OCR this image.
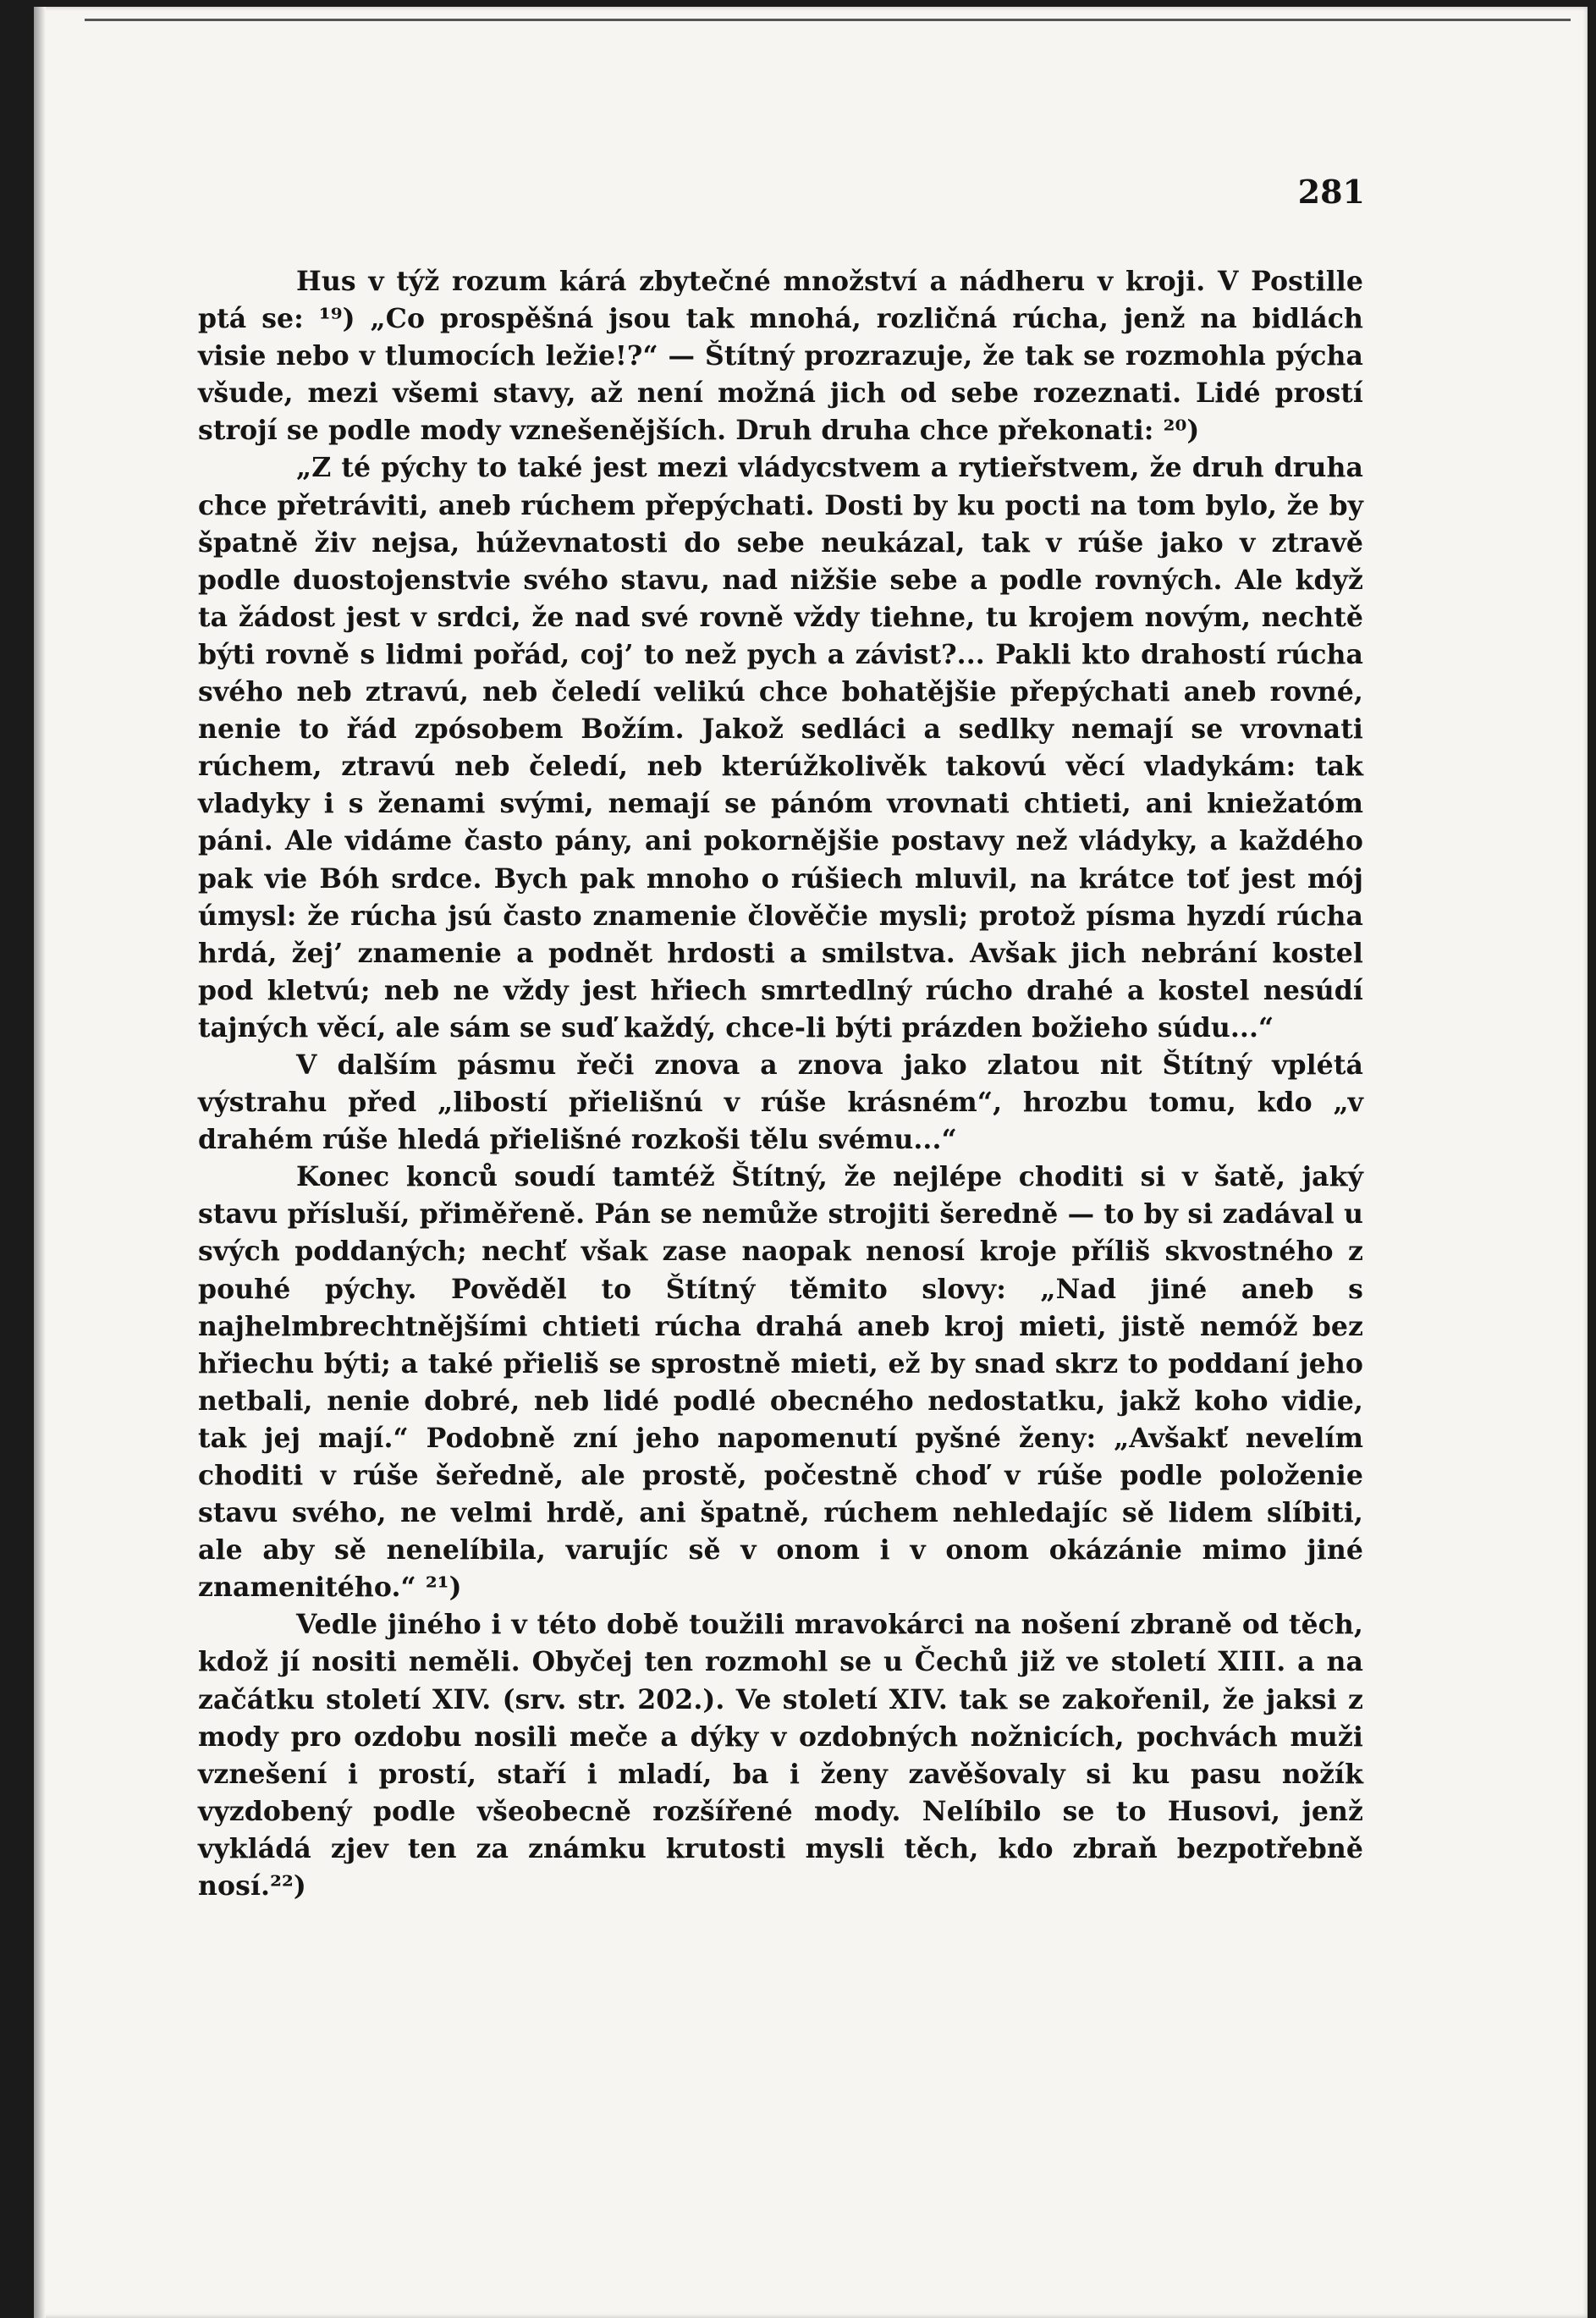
281

Hus v týž rozum kárá zbytečné množství a nádheru v kroji. V Postille ptá se: ¹⁹) „Co prospěšná jsou tak mnohá, rozličná rúcha, jenž na bidlách visie nebo v tlumocích ležie!?“ — Štítný prozrazuje, že tak se rozmohla pýcha všude, mezi všemi stavy, až není možná jich od sebe rozeznati. Lidé prostí strojí se podle mody vznešenějších. Druh druha chce překonati: ²⁰)

„Z té pýchy to také jest mezi vládycstvem a rytieřstvem, že druh druha chce přetráviti, aneb rúchem přepýchati. Dosti by ku pocti na tom bylo, že by špatně živ nejsa, húževnatosti do sebe neukázal, tak v rúše jako v ztravě podle duostojenstvie svého stavu, nad nižšie sebe a podle rovných. Ale když ta žádost jest v srdci, že nad své rovně vždy tiehne, tu krojem novým, nechtě býti rovně s lidmi pořád, coj’ to než pych a závist?... Pakli kto drahostí rúcha svého neb ztravú, neb čeledí velikú chce bohatějšie přepýchati aneb rovné, nenie to řád zpósobem Božím. Jakož sedláci a sedlky nemají se vrovnati rúchem, ztravú neb čeledí, neb kterúžkolivěk takovú věcí vladykám: tak vladyky i s ženami svými, nemají se pánóm vrovnati chtieti, ani kniežatóm páni. Ale vidáme často pány, ani pokornějšie postavy než vládyky, a každého pak vie Bóh srdce. Bych pak mnoho o rúšiech mluvil, na krátce toť jest mój úmysl: že rúcha jsú často znamenie člověčie mysli; protož písma hyzdí rúcha hrdá, žej’ znamenie a podnět hrdosti a smilstva. Avšak jich nebrání kostel pod kletvú; neb ne vždy jest hřiech smrtedlný rúcho drahé a kostel nesúdí tajných věcí, ale sám se suď každý, chce-li býti prázden božieho súdu...“

V dalším pásmu řeči znova a znova jako zlatou nit Štítný vplétá výstrahu před „libostí přielišnú v rúše krásném“, hrozbu tomu, kdo „v drahém rúše hledá přielišné rozkoši tělu svému...“

Konec konců soudí tamtéž Štítný, že nejlépe choditi si v šatě, jaký stavu přísluší, přiměřeně. Pán se nemůže strojiti šeredně — to by si zadával u svých poddaných; nechť však zase naopak nenosí kroje příliš skvostného z pouhé pýchy. Pověděl to Štítný těmito slovy: „Nad jiné aneb s najhelmbrechtnějšími chtieti rúcha drahá aneb kroj mieti, jistě nemóž bez hřiechu býti; a také přieliš se sprostně mieti, ež by snad skrz to poddaní jeho netbali, nenie dobré, neb lidé podlé obecného nedostatku, jakž koho vidie, tak jej mají.“ Podobně zní jeho napomenutí pyšné ženy: „Avšakť nevelím choditi v rúše šeředně, ale prostě, počestně choď v rúše podle položenie stavu svého, ne velmi hrdě, ani špatně, rúchem nehledajíc sě lidem slíbiti, ale aby sě nenelíbila, varujíc sě v onom i v onom okázánie mimo jiné znamenitého.“ ²¹)

Vedle jiného i v této době toužili mravokárci na nošení zbraně od těch, kdož jí nositi neměli. Obyčej ten rozmohl se u Čechů již ve století XIII. a na začátku století XIV. (srv. str. 202.). Ve století XIV. tak se zakořenil, že jaksi z mody pro ozdobu nosili meče a dýky v ozdobných nožnicích, pochvách muži vznešení i prostí, staří i mladí, ba i ženy zavěšovaly si ku pasu nožík vyzdobený podle všeobecně rozšířené mody. Nelíbilo se to Husovi, jenž vykládá zjev ten za známku krutosti mysli těch, kdo zbraň bezpotřebně nosí.²²)
